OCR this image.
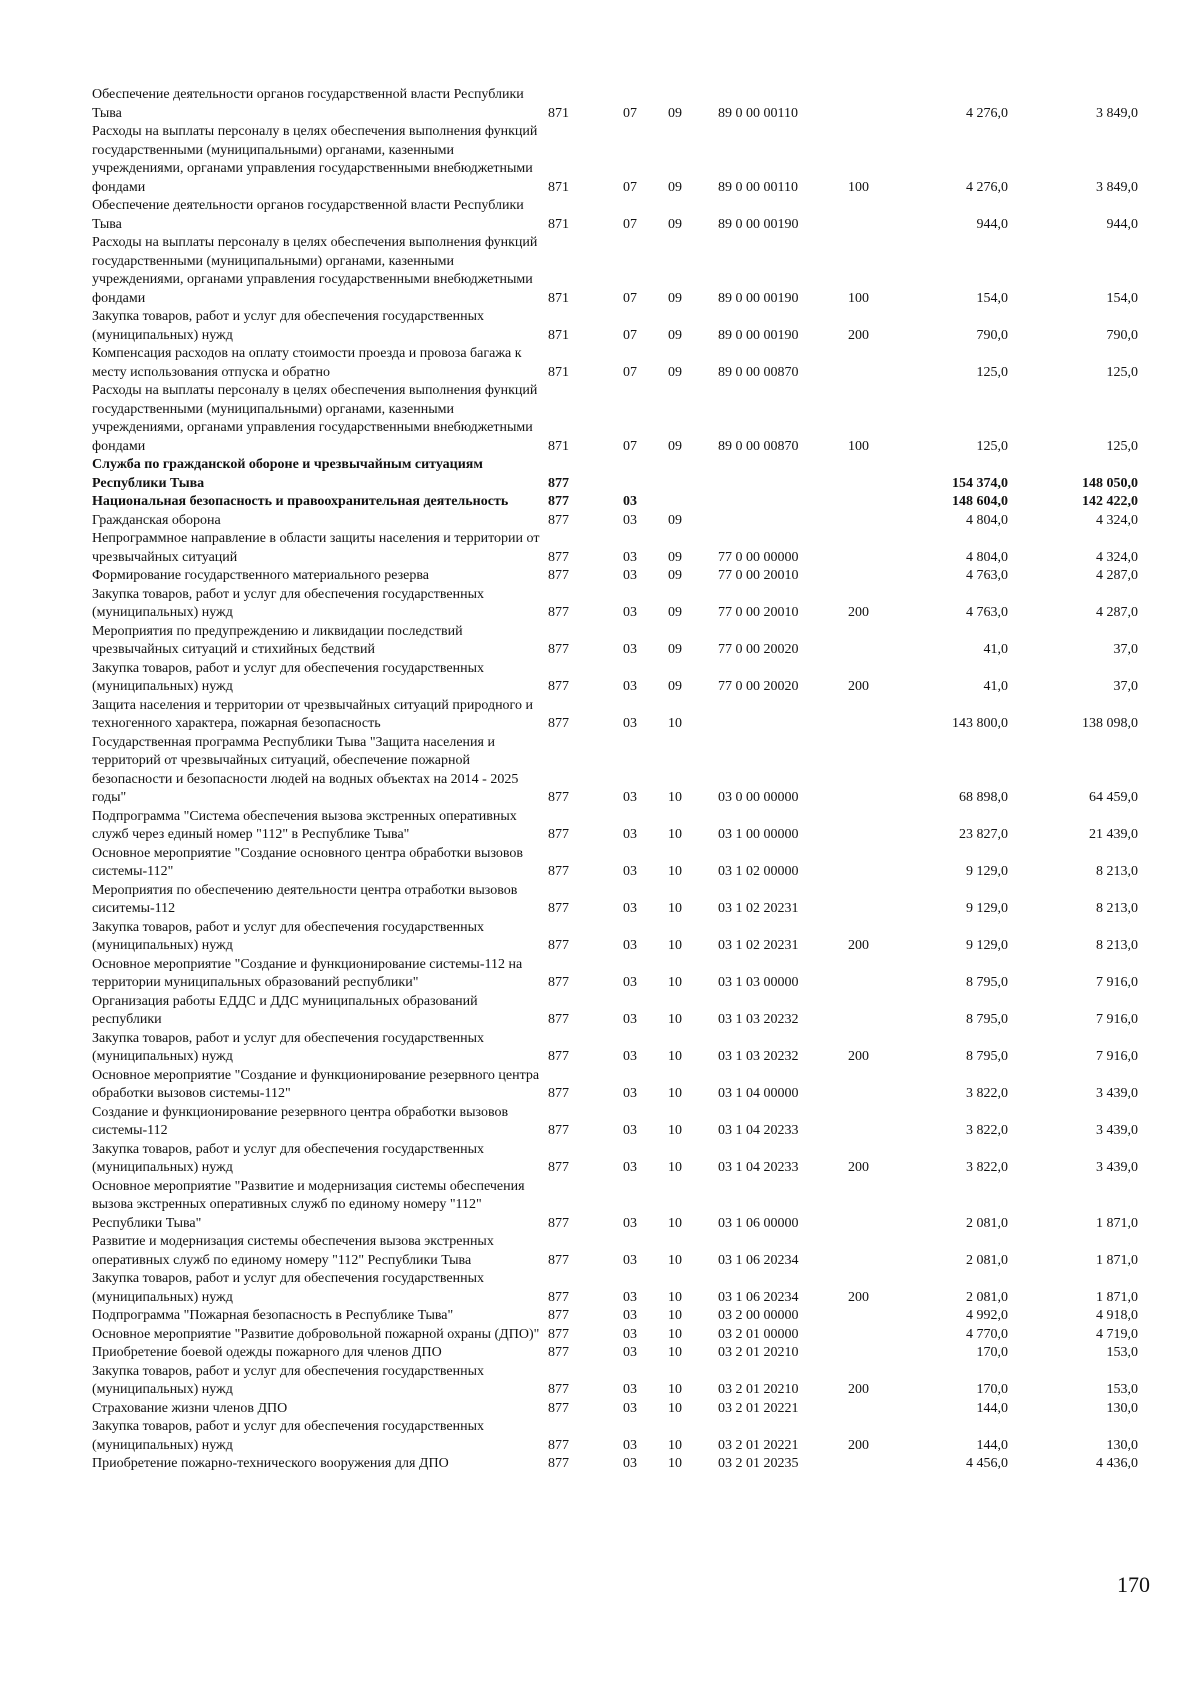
Обеспечение деятельности органов государственной власти Республики Тыва	871	07	09	89 0 00 00110		4 276,0	3 849,0
Расходы на выплаты персоналу в целях обеспечения выполнения функций государственными (муниципальными) органами, казенными учреждениями, органами управления государственными внебюджетными фондами	871	07	09	89 0 00 00110	100	4 276,0	3 849,0
Обеспечение деятельности органов государственной власти Республики Тыва	871	07	09	89 0 00 00190		944,0	944,0
Расходы на выплаты персоналу в целях обеспечения выполнения функций государственными (муниципальными) органами, казенными учреждениями, органами управления государственными внебюджетными фондами	871	07	09	89 0 00 00190	100	154,0	154,0
Закупка товаров, работ и услуг для обеспечения государственных (муниципальных) нужд	871	07	09	89 0 00 00190	200	790,0	790,0
Компенсация расходов на оплату стоимости проезда и провоза багажа к месту использования отпуска и обратно	871	07	09	89 0 00 00870		125,0	125,0
Расходы на выплаты персоналу в целях обеспечения выполнения функций государственными (муниципальными) органами, казенными учреждениями, органами управления государственными внебюджетными фондами	871	07	09	89 0 00 00870	100	125,0	125,0
Служба по гражданской обороне и чрезвычайным ситуациям Республики Тыва	877					154 374,0	148 050,0
Национальная безопасность и правоохранительная деятельность	877	03				148 604,0	142 422,0
Гражданская оборона	877	03	09			4 804,0	4 324,0
Непрограммное направление в области защиты населения и территории от чрезвычайных ситуаций	877	03	09	77 0 00 00000		4 804,0	4 324,0
Формирование государственного материального резерва	877	03	09	77 0 00 20010		4 763,0	4 287,0
Закупка товаров, работ и услуг для обеспечения государственных (муниципальных) нужд	877	03	09	77 0 00 20010	200	4 763,0	4 287,0
Мероприятия по предупреждению и ликвидации последствий чрезвычайных ситуаций и стихийных бедствий	877	03	09	77 0 00 20020		41,0	37,0
Закупка товаров, работ и услуг для обеспечения государственных (муниципальных) нужд	877	03	09	77 0 00 20020	200	41,0	37,0
Защита населения и территории от чрезвычайных ситуаций природного и техногенного характера, пожарная безопасность	877	03	10			143 800,0	138 098,0
Государственная программа Республики Тыва "Защита населения и территорий от чрезвычайных ситуаций, обеспечение пожарной безопасности и безопасности людей на водных объектах на 2014 - 2025 годы"	877	03	10	03 0 00 00000		68 898,0	64 459,0
Подпрограмма "Система обеспечения вызова экстренных оперативных служб через единый номер "112" в Республике Тыва"	877	03	10	03 1 00 00000		23 827,0	21 439,0
Основное мероприятие "Создание основного центра обработки вызовов системы-112"	877	03	10	03 1 02 00000		9 129,0	8 213,0
Мероприятия по обеспечению деятельности центра отработки вызовов сиситемы-112	877	03	10	03 1 02 20231		9 129,0	8 213,0
Закупка товаров, работ и услуг для обеспечения государственных (муниципальных) нужд	877	03	10	03 1 02 20231	200	9 129,0	8 213,0
Основное мероприятие "Создание и функционирование системы-112 на территории муниципальных образований республики"	877	03	10	03 1 03 00000		8 795,0	7 916,0
Организация работы ЕДДС и ДДС муниципальных образований республики	877	03	10	03 1 03 20232		8 795,0	7 916,0
Закупка товаров, работ и услуг для обеспечения государственных (муниципальных) нужд	877	03	10	03 1 03 20232	200	8 795,0	7 916,0
Основное мероприятие "Создание и функционирование резервного центра обработки вызовов системы-112"	877	03	10	03 1 04 00000		3 822,0	3 439,0
Создание и функционирование резервного центра обработки вызовов системы-112	877	03	10	03 1 04 20233		3 822,0	3 439,0
Закупка товаров, работ и услуг для обеспечения государственных (муниципальных) нужд	877	03	10	03 1 04 20233	200	3 822,0	3 439,0
Основное мероприятие "Развитие и модернизация системы обеспечения вызова экстренных оперативных служб по единому номеру "112" Республики Тыва"	877	03	10	03 1 06 00000		2 081,0	1 871,0
Развитие и модернизация системы обеспечения вызова экстренных оперативных служб по единому номеру "112" Республики Тыва	877	03	10	03 1 06 20234		2 081,0	1 871,0
Закупка товаров, работ и услуг для обеспечения государственных (муниципальных) нужд	877	03	10	03 1 06 20234	200	2 081,0	1 871,0
Подпрограмма "Пожарная безопасность в Республике Тыва"	877	03	10	03 2 00 00000		4 992,0	4 918,0
Основное мероприятие "Развитие добровольной пожарной охраны (ДПО)"	877	03	10	03 2 01 00000		4 770,0	4 719,0
Приобретение боевой одежды пожарного для членов ДПО	877	03	10	03 2 01 20210		170,0	153,0
Закупка товаров, работ и услуг для обеспечения государственных (муниципальных) нужд	877	03	10	03 2 01 20210	200	170,0	153,0
Страхование жизни членов ДПО	877	03	10	03 2 01 20221		144,0	130,0
Закупка товаров, работ и услуг для обеспечения государственных (муниципальных) нужд	877	03	10	03 2 01 20221	200	144,0	130,0
Приобретение пожарно-технического вооружения для ДПО	877	03	10	03 2 01 20235		4 456,0	4 436,0
170
